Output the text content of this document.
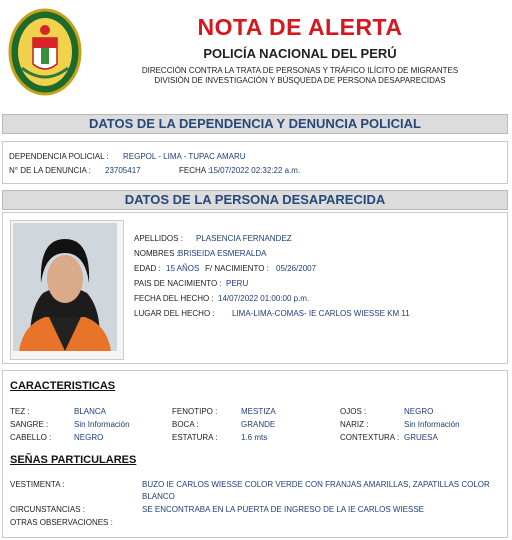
NOTA DE ALERTA
POLICÍA NACIONAL DEL PERÚ
DIRECCIÓN CONTRA LA TRATA DE PERSONAS Y TRÁFICO ILÍCITO DE MIGRANTES
DIVISIÓN DE INVESTIGACIÓN Y BÚSQUEDA DE PERSONA DESAPARECIDAS
DATOS DE LA DEPENDENCIA Y DENUNCIA POLICIAL
DEPENDENCIA POLICIAL : REGPOL - LIMA - TUPAC AMARU
N° DE LA DENUNCIA : 23705417	FECHA :
15/07/2022 02:32:22 a.m.
DATOS DE LA PERSONA DESAPARECIDA
APELLIDOS : PLASENCIA FERNANDEZ
NOMBRES : BRISEIDA ESMERALDA
EDAD : 15 AÑOS F/ NACIMIENTO : 05/26/2007
PAIS DE NACIMIENTO : PERU
FECHA DEL HECHO : 14/07/2022 01:00:00 p.m.
LUGAR DEL HECHO : LIMA-LIMA-COMAS- IE CARLOS WIESSE KM 11
CARACTERISTICAS
TEZ :	BLANCA	FENOTIPO :	MESTIZA	OJOS :	NEGRO
SANGRE :	Sin Información	BOCA :	GRANDE	NARIZ :	Sin Información
CABELLO :	NEGRO	ESTATURA :	1.6 mts	CONTEXTURA : GRUESA
SEÑAS PARTICULARES
VESTIMENTA :	BUZO IE CARLOS WIESSE COLOR VERDE CON FRANJAS AMARILLAS, ZAPATILLAS COLOR
BLANCO
CIRCUNSTANCIAS :	SE ENCONTRABA EN LA PUERTA DE INGRESO DE LA IE CARLOS WIESSE
OTRAS OBSERVACIONES :
